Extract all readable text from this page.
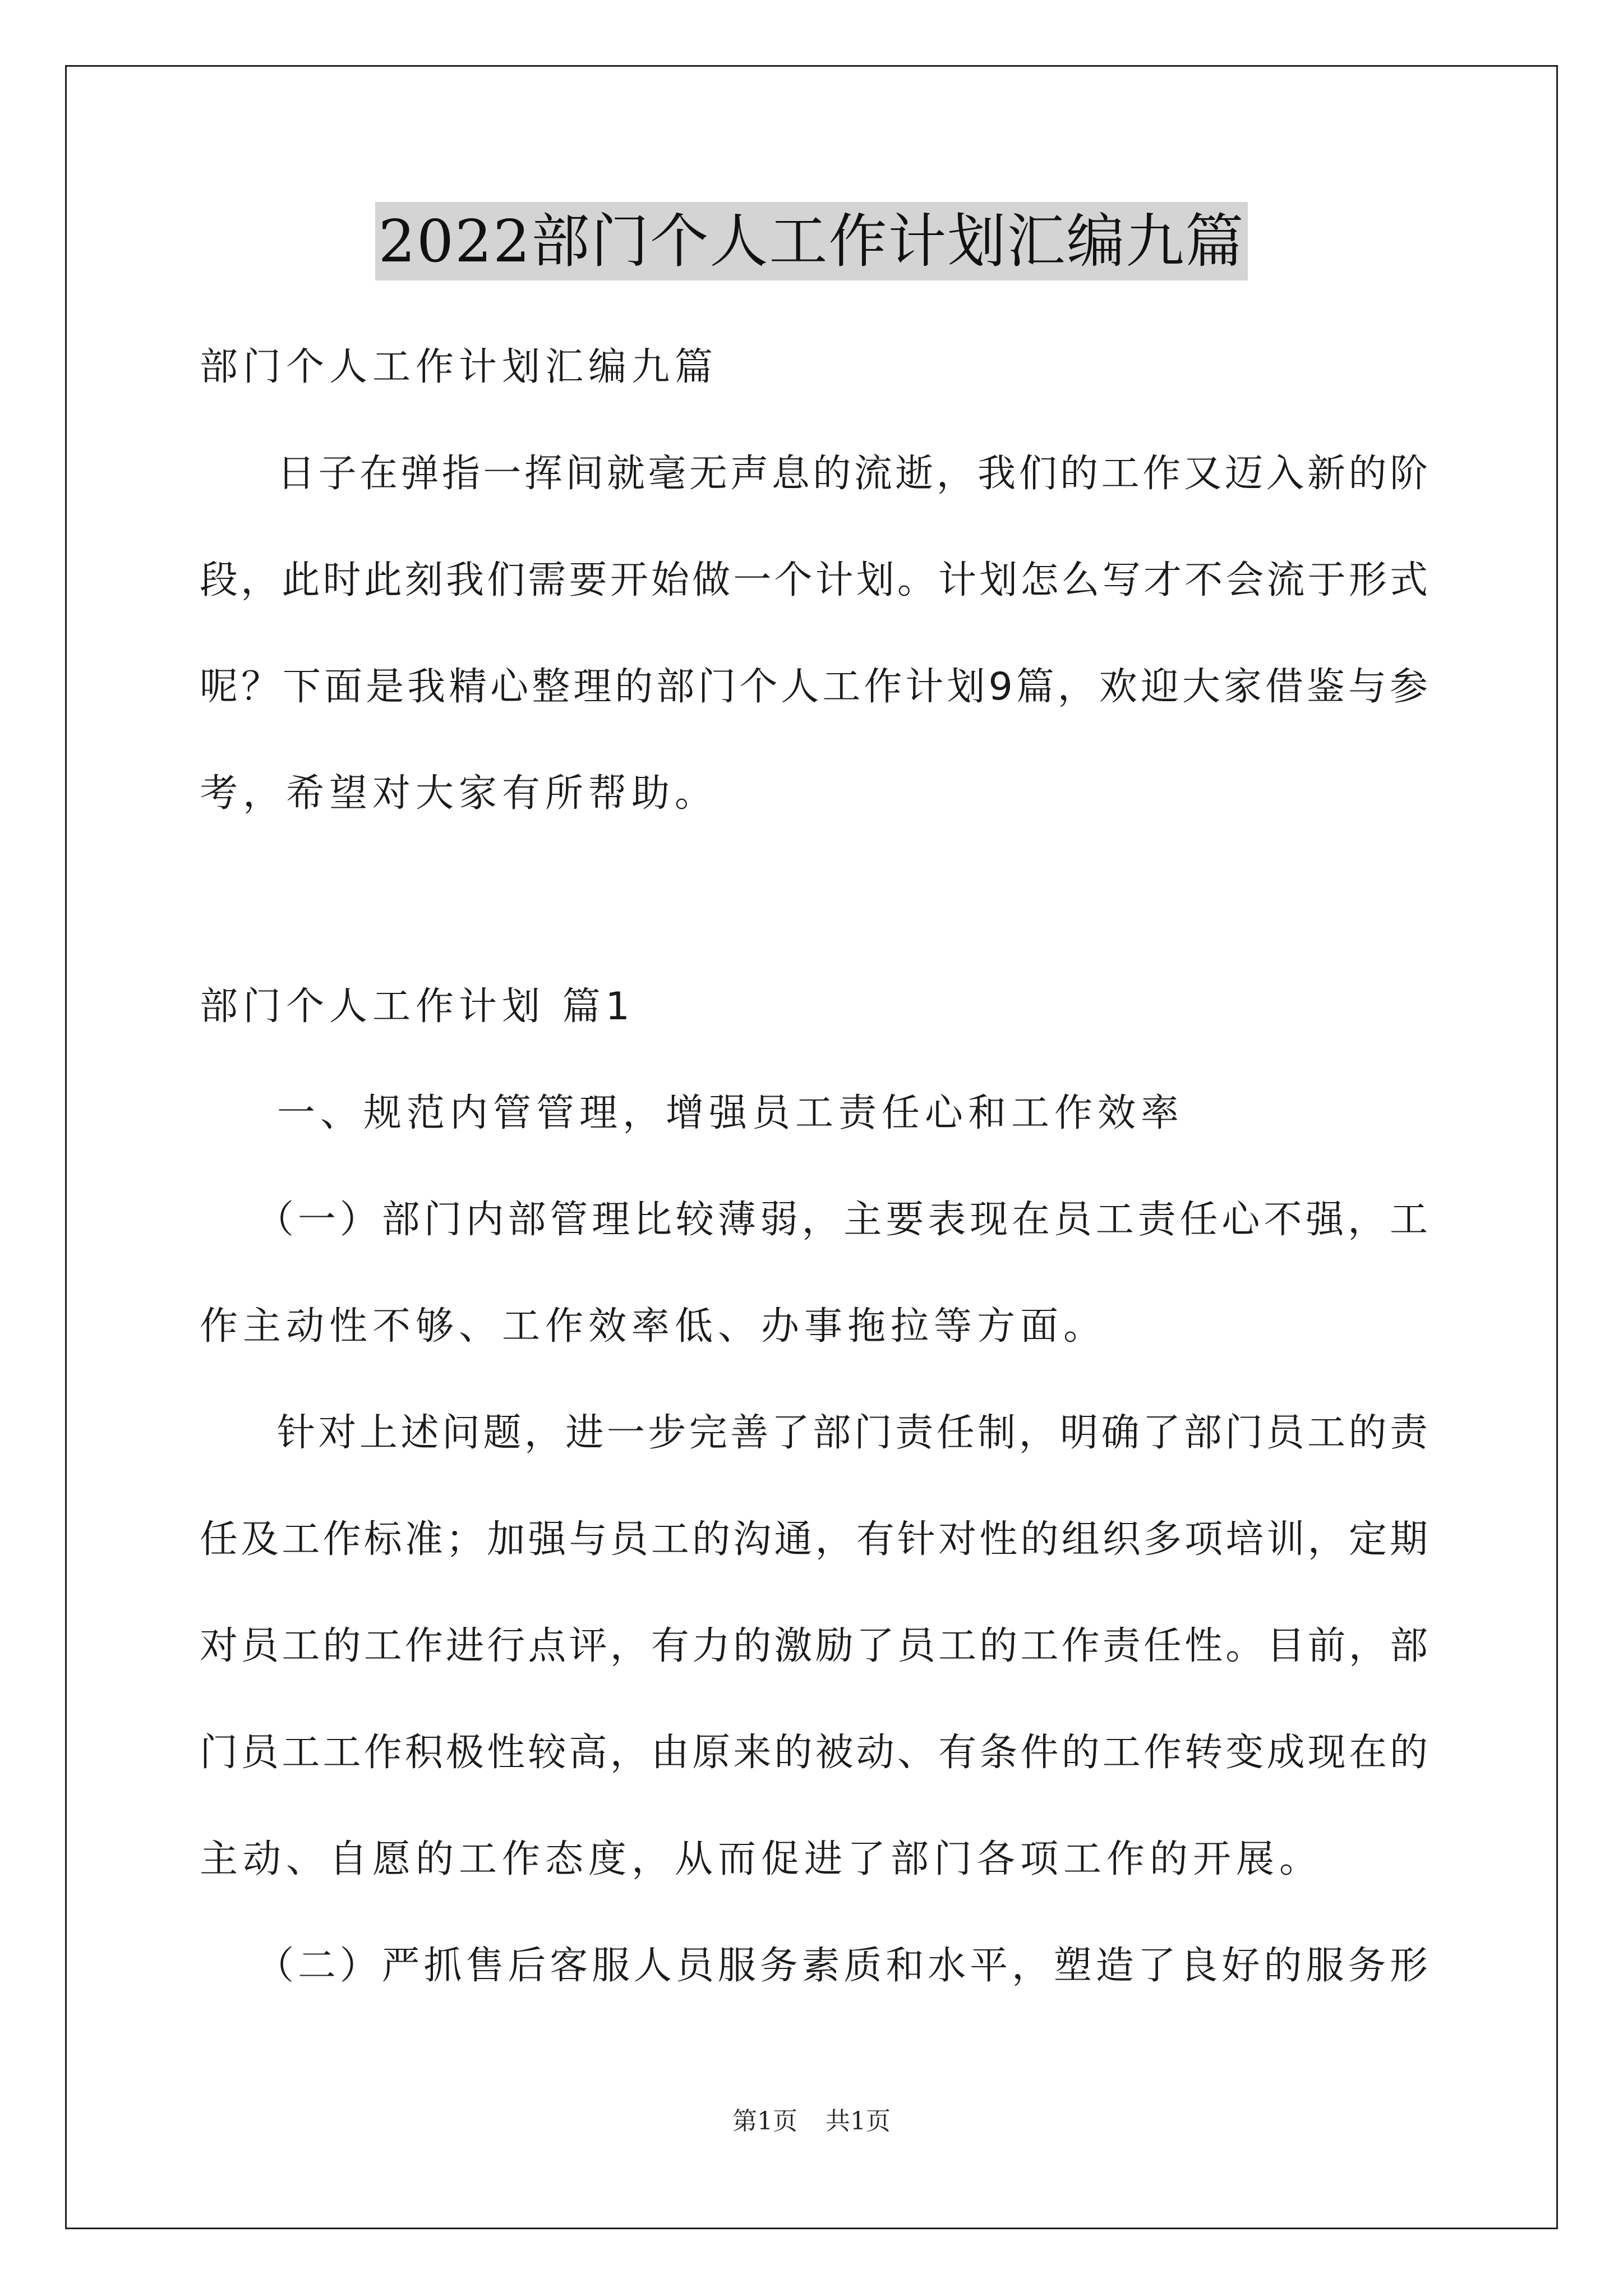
2022部门个人工作计划汇编九篇
部门个人工作计划汇编九篇
日子在弹指一挥间就毫无声息的流逝，我们的工作又迈入新的阶
段，此时此刻我们需要开始做一个计划。计划怎么写才不会流于形式
呢？下面是我精心整理的部门个人工作计划9篇，欢迎大家借鉴与参
考，希望对大家有所帮助。
部门个人工作计划 篇1
一、规范内管管理，增强员工责任心和工作效率
（一）部门内部管理比较薄弱，主要表现在员工责任心不强，工
作主动性不够、工作效率低、办事拖拉等方面。
针对上述问题，进一步完善了部门责任制，明确了部门员工的责
任及工作标准；加强与员工的沟通，有针对性的组织多项培训，定期
对员工的工作进行点评，有力的激励了员工的工作责任性。目前，部
门员工工作积极性较高，由原来的被动、有条件的工作转变成现在的
主动、自愿的工作态度，从而促进了部门各项工作的开展。
（二）严抓售后客服人员服务素质和水平，塑造了良好的服务形
第1页 共1页
